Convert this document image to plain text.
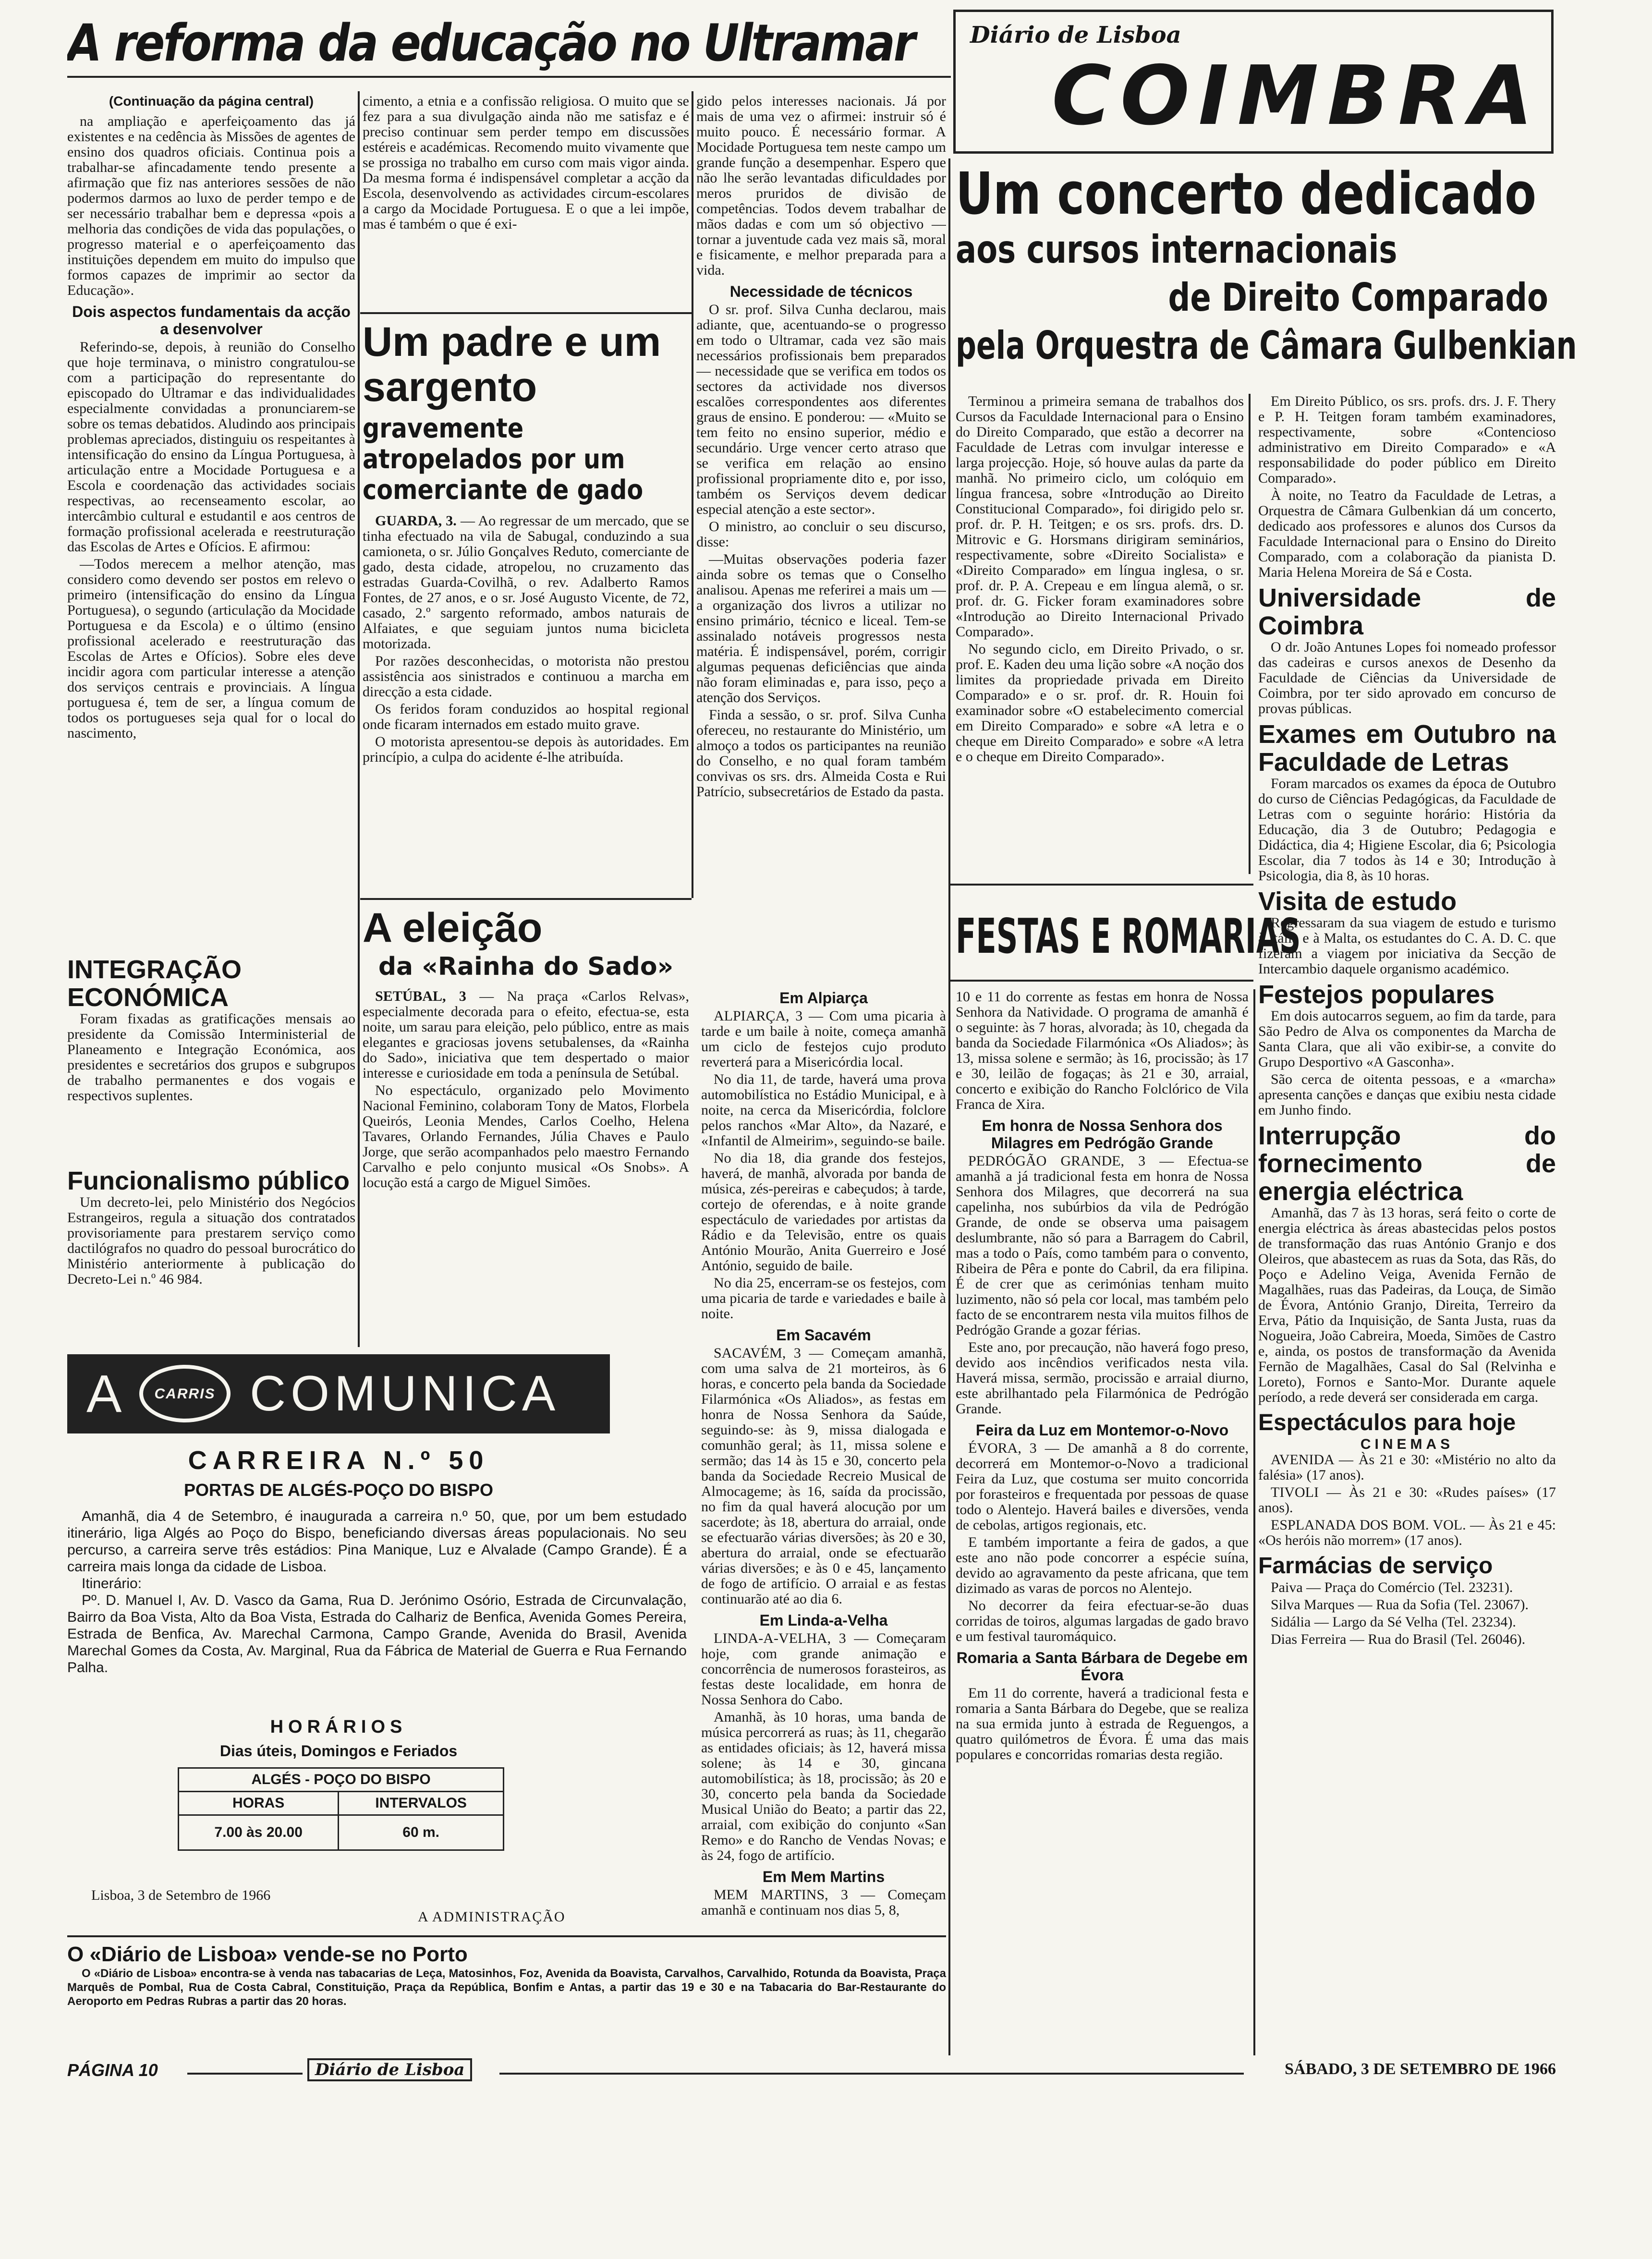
A reforma da educação no Ultramar Diário de Lisboa
COIMBRA
(Continuação da página central)

na ampliação e aperfeiçoamento das já existentes e na cedência às Missões de agentes de ensino dos quadros oficiais. Continua pois a trabalhar-se afincadamente tendo presente a afirmação que fiz nas anteriores sessões de não podermos darmos ao luxo de perder tempo e de ser necessário trabalhar bem e depressa «pois a melhoria das condições de vida das populações, o progresso material e o aperfeiçoamento das instituições dependem em muito do impulso que formos capazes de imprimir ao sector da Educação».

Dois aspectos fundamentais da acção a desenvolver

Referindo-se, depois, à reunião do Conselho que hoje terminava, o ministro congratulou-se com a participação do representante do episcopado do Ultramar e das individualidades especialmente convidadas a pronunciarem-se sobre os temas debatidos. Aludindo aos principais problemas apreciados, distinguiu os respeitantes à intensificação do ensino da Língua Portuguesa, à articulação entre a Mocidade Portuguesa e a Escola e coordenação das actividades sociais respectivas, ao recenseamento escolar, ao intercâmbio cultural e estudantil e aos centros de formação profissional acelerada e reestruturação das Escolas de Artes e Ofícios. E afirmou:

—Todos merecem a melhor atenção, mas considero como devendo ser postos em relevo o primeiro (intensificação do ensino da Língua Portuguesa), o segundo (articulação da Mocidade Portuguesa e da Escola) e o último (ensino profissional acelerado e reestruturação das Escolas de Artes e Ofícios). Sobre eles deve incidir agora com particular interesse a atenção dos serviços centrais e provinciais. A língua portuguesa é, tem de ser, a língua comum de todos os portugueses seja qual for o local do nascimento,

INTEGRAÇÃO ECONÓMICA

Foram fixadas as gratificações mensais ao presidente da Comissão Interministerial de Planeamento e Integração Económica, aos presidentes e secretários dos grupos e subgrupos de trabalho permanentes e dos vogais e respectivos suplentes.

Funcionalismo público

Um decreto-lei, pelo Ministério dos Negócios Estrangeiros, regula a situação dos contratados provisoriamente para prestarem serviço como dactilógrafos no quadro do pessoal burocrático do Ministério anteriormente à publicação do Decreto-Lei n.º 46 984.

cimento, a etnia e a confissão religiosa. O muito que se fez para a sua divulgação ainda não me satisfaz e é preciso continuar sem perder tempo em discussões estéreis e académicas. Recomendo muito vivamente que se prossiga no trabalho em curso com mais vigor ainda. Da mesma forma é indispensável completar a acção da Escola, desenvolvendo as actividades circum-escolares a cargo da Mocidade Portuguesa. E o que a lei impõe, mas é também o que é exi-

Um padre e um sargento
gravemente atropelados por um comerciante de gado

GUARDA, 3. — Ao regressar de um mercado, que se tinha efectuado na vila de Sabugal, conduzindo a sua camioneta, o sr. Júlio Gonçalves Reduto, comerciante de gado, desta cidade, atropelou, no cruzamento das estradas Guarda-Covilhã, o rev. Adalberto Ramos Fontes, de 27 anos, e o sr. José Augusto Vicente, de 72, casado, 2.º sargento reformado, ambos naturais de Alfaiates, e que seguiam juntos numa bicicleta motorizada.

Por razões desconhecidas, o motorista não prestou assistência aos sinistrados e continuou a marcha em direcção a esta cidade.

Os feridos foram conduzidos ao hospital regional onde ficaram internados em estado muito grave.

O motorista apresentou-se depois às autoridades. Em princípio, a culpa do acidente é-lhe atribuída.

A eleição
da «Rainha do Sado»

SETÚBAL, 3 — Na praça «Carlos Relvas», especialmente decorada para o efeito, efectua-se, esta noite, um sarau para eleição, pelo público, entre as mais elegantes e graciosas jovens setubalenses, da «Rainha do Sado», iniciativa que tem despertado o maior interesse e curiosidade em toda a península de Setúbal.

No espectáculo, organizado pelo Movimento Nacional Feminino, colaboram Tony de Matos, Florbela Queirós, Leonia Mendes, Carlos Coelho, Helena Tavares, Orlando Fernandes, Júlia Chaves e Paulo Jorge, que serão acompanhados pelo maestro Fernando Carvalho e pelo conjunto musical «Os Snobs». A locução está a cargo de Miguel Simões.

gido pelos interesses nacionais. Já por mais de uma vez o afirmei: instruir só é muito pouco. É necessário formar. A Mocidade Portuguesa tem neste campo um grande função a desempenhar. Espero que não lhe serão levantadas dificuldades por meros pruridos de divisão de competências. Todos devem trabalhar de mãos dadas e com um só objectivo — tornar a juventude cada vez mais sã, moral e fisicamente, e melhor preparada para a vida.

Necessidade de técnicos

O sr. prof. Silva Cunha declarou, mais adiante, que, acentuando-se o progresso em todo o Ultramar, cada vez são mais necessários profissionais bem preparados — necessidade que se verifica em todos os sectores da actividade nos diversos escalões correspondentes aos diferentes graus de ensino. E ponderou: — «Muito se tem feito no ensino superior, médio e secundário. Urge vencer certo atraso que se verifica em relação ao ensino profissional propriamente dito e, por isso, também os Serviços devem dedicar especial atenção a este sector».

O ministro, ao concluir o seu discurso, disse:

—Muitas observações poderia fazer ainda sobre os temas que o Conselho analisou. Apenas me referirei a mais um — a organização dos livros a utilizar no ensino primário, técnico e liceal. Tem-se assinalado notáveis progressos nesta matéria. É indispensável, porém, corrigir algumas pequenas deficiências que ainda não foram eliminadas e, para isso, peço a atenção dos Serviços.

Finda a sessão, o sr. prof. Silva Cunha ofereceu, no restaurante do Ministério, um almoço a todos os participantes na reunião do Conselho, e no qual foram também convivas os srs. drs. Almeida Costa e Rui Patrício, subsecretários de Estado da pasta.

A	CARRIS COMUNICA
CARREIRA N.º 50
PORTAS DE ALGÉS-POÇO DO BISPO

Amanhã, dia 4 de Setembro, é inaugurada a carreira n.º 50, que, por um bem estudado itinerário, liga Algés ao Poço do Bispo, beneficiando diversas áreas populacionais. No seu percurso, a carreira serve três estádios: Pina Manique, Luz e Alvalade (Campo Grande). É a carreira mais longa da cidade de Lisboa.

Itinerário:

Pº. D. Manuel I, Av. D. Vasco da Gama, Rua D. Jerónimo Osório, Estrada de Circunvalação, Bairro da Boa Vista, Alto da Boa Vista, Estrada do Calhariz de Benfica, Avenida Gomes Pereira, Estrada de Benfica, Av. Marechal Carmona, Campo Grande, Avenida do Brasil, Avenida Marechal Gomes da Costa, Av. Marginal, Rua da Fábrica de Material de Guerra e Rua Fernando Palha.

HORÁRIOS
Dias úteis, Domingos e Feriados
ALGÉS - POÇO DO BISPO	
HORAS	INTERVALOS
7.00 às 20.00	60 m.
Lisboa, 3 de Setembro de 1966
A ADMINISTRAÇÃO
O «Diário de Lisboa» vende-se no Porto
O «Diário de Lisboa» encontra-se à venda nas tabacarias de Leça, Matosinhos, Foz, Avenida da Boavista, Carvalhos, Carvalhido, Rotunda da Boavista, Praça Marquês de Pombal, Rua de Costa Cabral, Constituição, Praça da República, Bonfim e Antas, a partir das 19 e 30 e na Tabacaria do Bar-Restaurante do Aeroporto em Pedras Rubras a partir das 20 horas.
Um concerto dedicado
aos cursos internacionais
de Direito Comparado
pela Orquestra de Câmara Gulbenkian

Terminou a primeira semana de trabalhos dos Cursos da Faculdade Internacional para o Ensino do Direito Comparado, que estão a decorrer na Faculdade de Letras com invulgar interesse e larga projecção. Hoje, só houve aulas da parte da manhã. No primeiro ciclo, um colóquio em língua francesa, sobre «Introdução ao Direito Constitucional Comparado», foi dirigido pelo sr. prof. dr. P. H. Teitgen; e os srs. profs. drs. D. Mitrovic e G. Horsmans dirigiram seminários, respectivamente, sobre «Direito Socialista» e «Direito Comparado» em língua inglesa, o sr. prof. dr. P. A. Crepeau e em língua alemã, o sr. prof. dr. G. Ficker foram examinadores sobre «Introdução ao Direito Internacional Privado Comparado».

No segundo ciclo, em Direito Privado, o sr. prof. E. Kaden deu uma lição sobre «A noção dos limites da propriedade privada em Direito Comparado» e o sr. prof. dr. R. Houin foi examinador sobre «O estabelecimento comercial em Direito Comparado» e sobre «A letra e o cheque em Direito Comparado» e sobre «A letra e o cheque em Direito Comparado».

Em Direito Público, os srs. profs. drs. J. F. Thery e P. H. Teitgen foram também examinadores, respectivamente, sobre «Contencioso administrativo em Direito Comparado» e «A responsabilidade do poder público em Direito Comparado».

À noite, no Teatro da Faculdade de Letras, a Orquestra de Câmara Gulbenkian dá um concerto, dedicado aos professores e alunos dos Cursos da Faculdade Internacional para o Ensino do Direito Comparado, com a colaboração da pianista D. Maria Helena Moreira de Sá e Costa.

Universidade de Coimbra

O dr. João Antunes Lopes foi nomeado professor das cadeiras e cursos anexos de Desenho da Faculdade de Ciências da Universidade de Coimbra, por ter sido aprovado em concurso de provas públicas.

Exames em Outubro na Faculdade de Letras

Foram marcados os exames da época de Outubro do curso de Ciências Pedagógicas, da Faculdade de Letras com o seguinte horário: História da Educação, dia 3 de Outubro; Pedagogia e Didáctica, dia 4; Higiene Escolar, dia 6; Psicologia Escolar, dia 7 todos às 14 e 30; Introdução à Psicologia, dia 8, às 10 horas.

Visita de estudo

Regressaram da sua viagem de estudo e turismo à Itália e à Malta, os estudantes do C. A. D. C. que fizeram a viagem por iniciativa da Secção de Intercambio daquele organismo académico.

Festejos populares

Em dois autocarros seguem, ao fim da tarde, para São Pedro de Alva os componentes da Marcha de Santa Clara, que ali vão exibir-se, a convite do Grupo Desportivo «A Gasconha».

São cerca de oitenta pessoas, e a «marcha» apresenta canções e danças que exibiu nesta cidade em Junho findo.

Interrupção do fornecimento de energia eléctrica

Amanhã, das 7 às 13 horas, será feito o corte de energia eléctrica às áreas abastecidas pelos postos de transformação das ruas António Granjo e dos Oleiros, que abastecem as ruas da Sota, das Rãs, do Poço e Adelino Veiga, Avenida Fernão de Magalhães, ruas das Padeiras, da Louça, de Simão de Évora, António Granjo, Direita, Terreiro da Erva, Pátio da Inquisição, de Santa Justa, ruas da Nogueira, João Cabreira, Moeda, Simões de Castro e, ainda, os postos de transformação da Avenida Fernão de Magalhães, Casal do Sal (Relvinha e Loreto), Fornos e Santo-Mor. Durante aquele período, a rede deverá ser considerada em carga.

Espectáculos para hoje
CINEMAS

AVENIDA — Às 21 e 30: «Mistério no alto da falésia» (17 anos).

TIVOLI — Às 21 e 30: «Rudes países» (17 anos).

ESPLANADA DOS BOM. VOL. — Às 21 e 45: «Os heróis não morrem» (17 anos).

Farmácias de serviço

Paiva — Praça do Comércio (Tel. 23231).

Silva Marques — Rua da Sofia (Tel. 23067).

Sidália — Largo da Sé Velha (Tel. 23234).

Dias Ferreira — Rua do Brasil (Tel. 26046).

FESTAS E ROMARIAS
Em Alpiarça

ALPIARÇA, 3 — Com uma picaria à tarde e um baile à noite, começa amanhã um ciclo de festejos cujo produto reverterá para a Misericórdia local.

No dia 11, de tarde, haverá uma prova automobilística no Estádio Municipal, e à noite, na cerca da Misericórdia, folclore pelos ranchos «Mar Alto», da Nazaré, e «Infantil de Almeirim», seguindo-se baile.

No dia 18, dia grande dos festejos, haverá, de manhã, alvorada por banda de música, zés-pereiras e cabeçudos; à tarde, cortejo de oferendas, e à noite grande espectáculo de variedades por artistas da Rádio e da Televisão, entre os quais António Mourão, Anita Guerreiro e José António, seguido de baile.

No dia 25, encerram-se os festejos, com uma picaria de tarde e variedades e baile à noite.

Em Sacavém

SACAVÉM, 3 — Começam amanhã, com uma salva de 21 morteiros, às 6 horas, e concerto pela banda da Sociedade Filarmónica «Os Aliados», as festas em honra de Nossa Senhora da Saúde, seguindo-se: às 9, missa dialogada e comunhão geral; às 11, missa solene e sermão; das 14 às 15 e 30, concerto pela banda da Sociedade Recreio Musical de Almocageme; às 16, saída da procissão, no fim da qual haverá alocução por um sacerdote; às 18, abertura do arraial, onde se efectuarão várias diversões; às 20 e 30, abertura do arraial, onde se efectuarão várias diversões; e às 0 e 45, lançamento de fogo de artifício. O arraial e as festas continuarão até ao dia 6.

Em Linda-a-Velha

LINDA-A-VELHA, 3 — Começaram hoje, com grande animação e concorrência de numerosos forasteiros, as festas deste localidade, em honra de Nossa Senhora do Cabo.

Amanhã, às 10 horas, uma banda de música percorrerá as ruas; às 11, chegarão as entidades oficiais; às 12, haverá missa solene; às 14 e 30, gincana automobilística; às 18, procissão; às 20 e 30, concerto pela banda da Sociedade Musical União do Beato; a partir das 22, arraial, com exibição do conjunto «San Remo» e do Rancho de Vendas Novas; e às 24, fogo de artifício.

Em Mem Martins

MEM MARTINS, 3 — Começam amanhã e continuam nos dias 5, 8,

10 e 11 do corrente as festas em honra de Nossa Senhora da Natividade. O programa de amanhã é o seguinte: às 7 horas, alvorada; às 10, chegada da banda da Sociedade Filarmónica «Os Aliados»; às 13, missa solene e sermão; às 16, procissão; às 17 e 30, leilão de fogaças; às 21 e 30, arraial, concerto e exibição do Rancho Folclórico de Vila Franca de Xira.

Em honra de Nossa Senhora dos Milagres em Pedrógão Grande

PEDRÓGÃO GRANDE, 3 — Efectua-se amanhã a já tradicional festa em honra de Nossa Senhora dos Milagres, que decorrerá na sua capelinha, nos subúrbios da vila de Pedrógão Grande, de onde se observa uma paisagem deslumbrante, não só para a Barragem do Cabril, mas a todo o País, como também para o convento, Ribeira de Pêra e ponte do Cabril, da era filipina. É de crer que as cerimónias tenham muito luzimento, não só pela cor local, mas também pelo facto de se encontrarem nesta vila muitos filhos de Pedrógão Grande a gozar férias.

Este ano, por precaução, não haverá fogo preso, devido aos incêndios verificados nesta vila. Haverá missa, sermão, procissão e arraial diurno, este abrilhantado pela Filarmónica de Pedrógão Grande.

Feira da Luz em Montemor-o-Novo

ÉVORA, 3 — De amanhã a 8 do corrente, decorrerá em Montemor-o-Novo a tradicional Feira da Luz, que costuma ser muito concorrida por forasteiros e frequentada por pessoas de quase todo o Alentejo. Haverá bailes e diversões, venda de cebolas, artigos regionais, etc.

E também importante a feira de gados, a que este ano não pode concorrer a espécie suína, devido ao agravamento da peste africana, que tem dizimado as varas de porcos no Alentejo.

No decorrer da feira efectuar-se-ão duas corridas de toiros, algumas largadas de gado bravo e um festival tauromáquico.

Romaria a Santa Bárbara de Degebe em Évora

Em 11 do corrente, haverá a tradicional festa e romaria a Santa Bárbara do Degebe, que se realiza na sua ermida junto à estrada de Reguengos, a quatro quilómetros de Évora. É uma das mais populares e concorridas romarias desta região.

PÁGINA 10	Diário de Lisboa	SÁBADO, 3 DE SETEMBRO DE 1966
